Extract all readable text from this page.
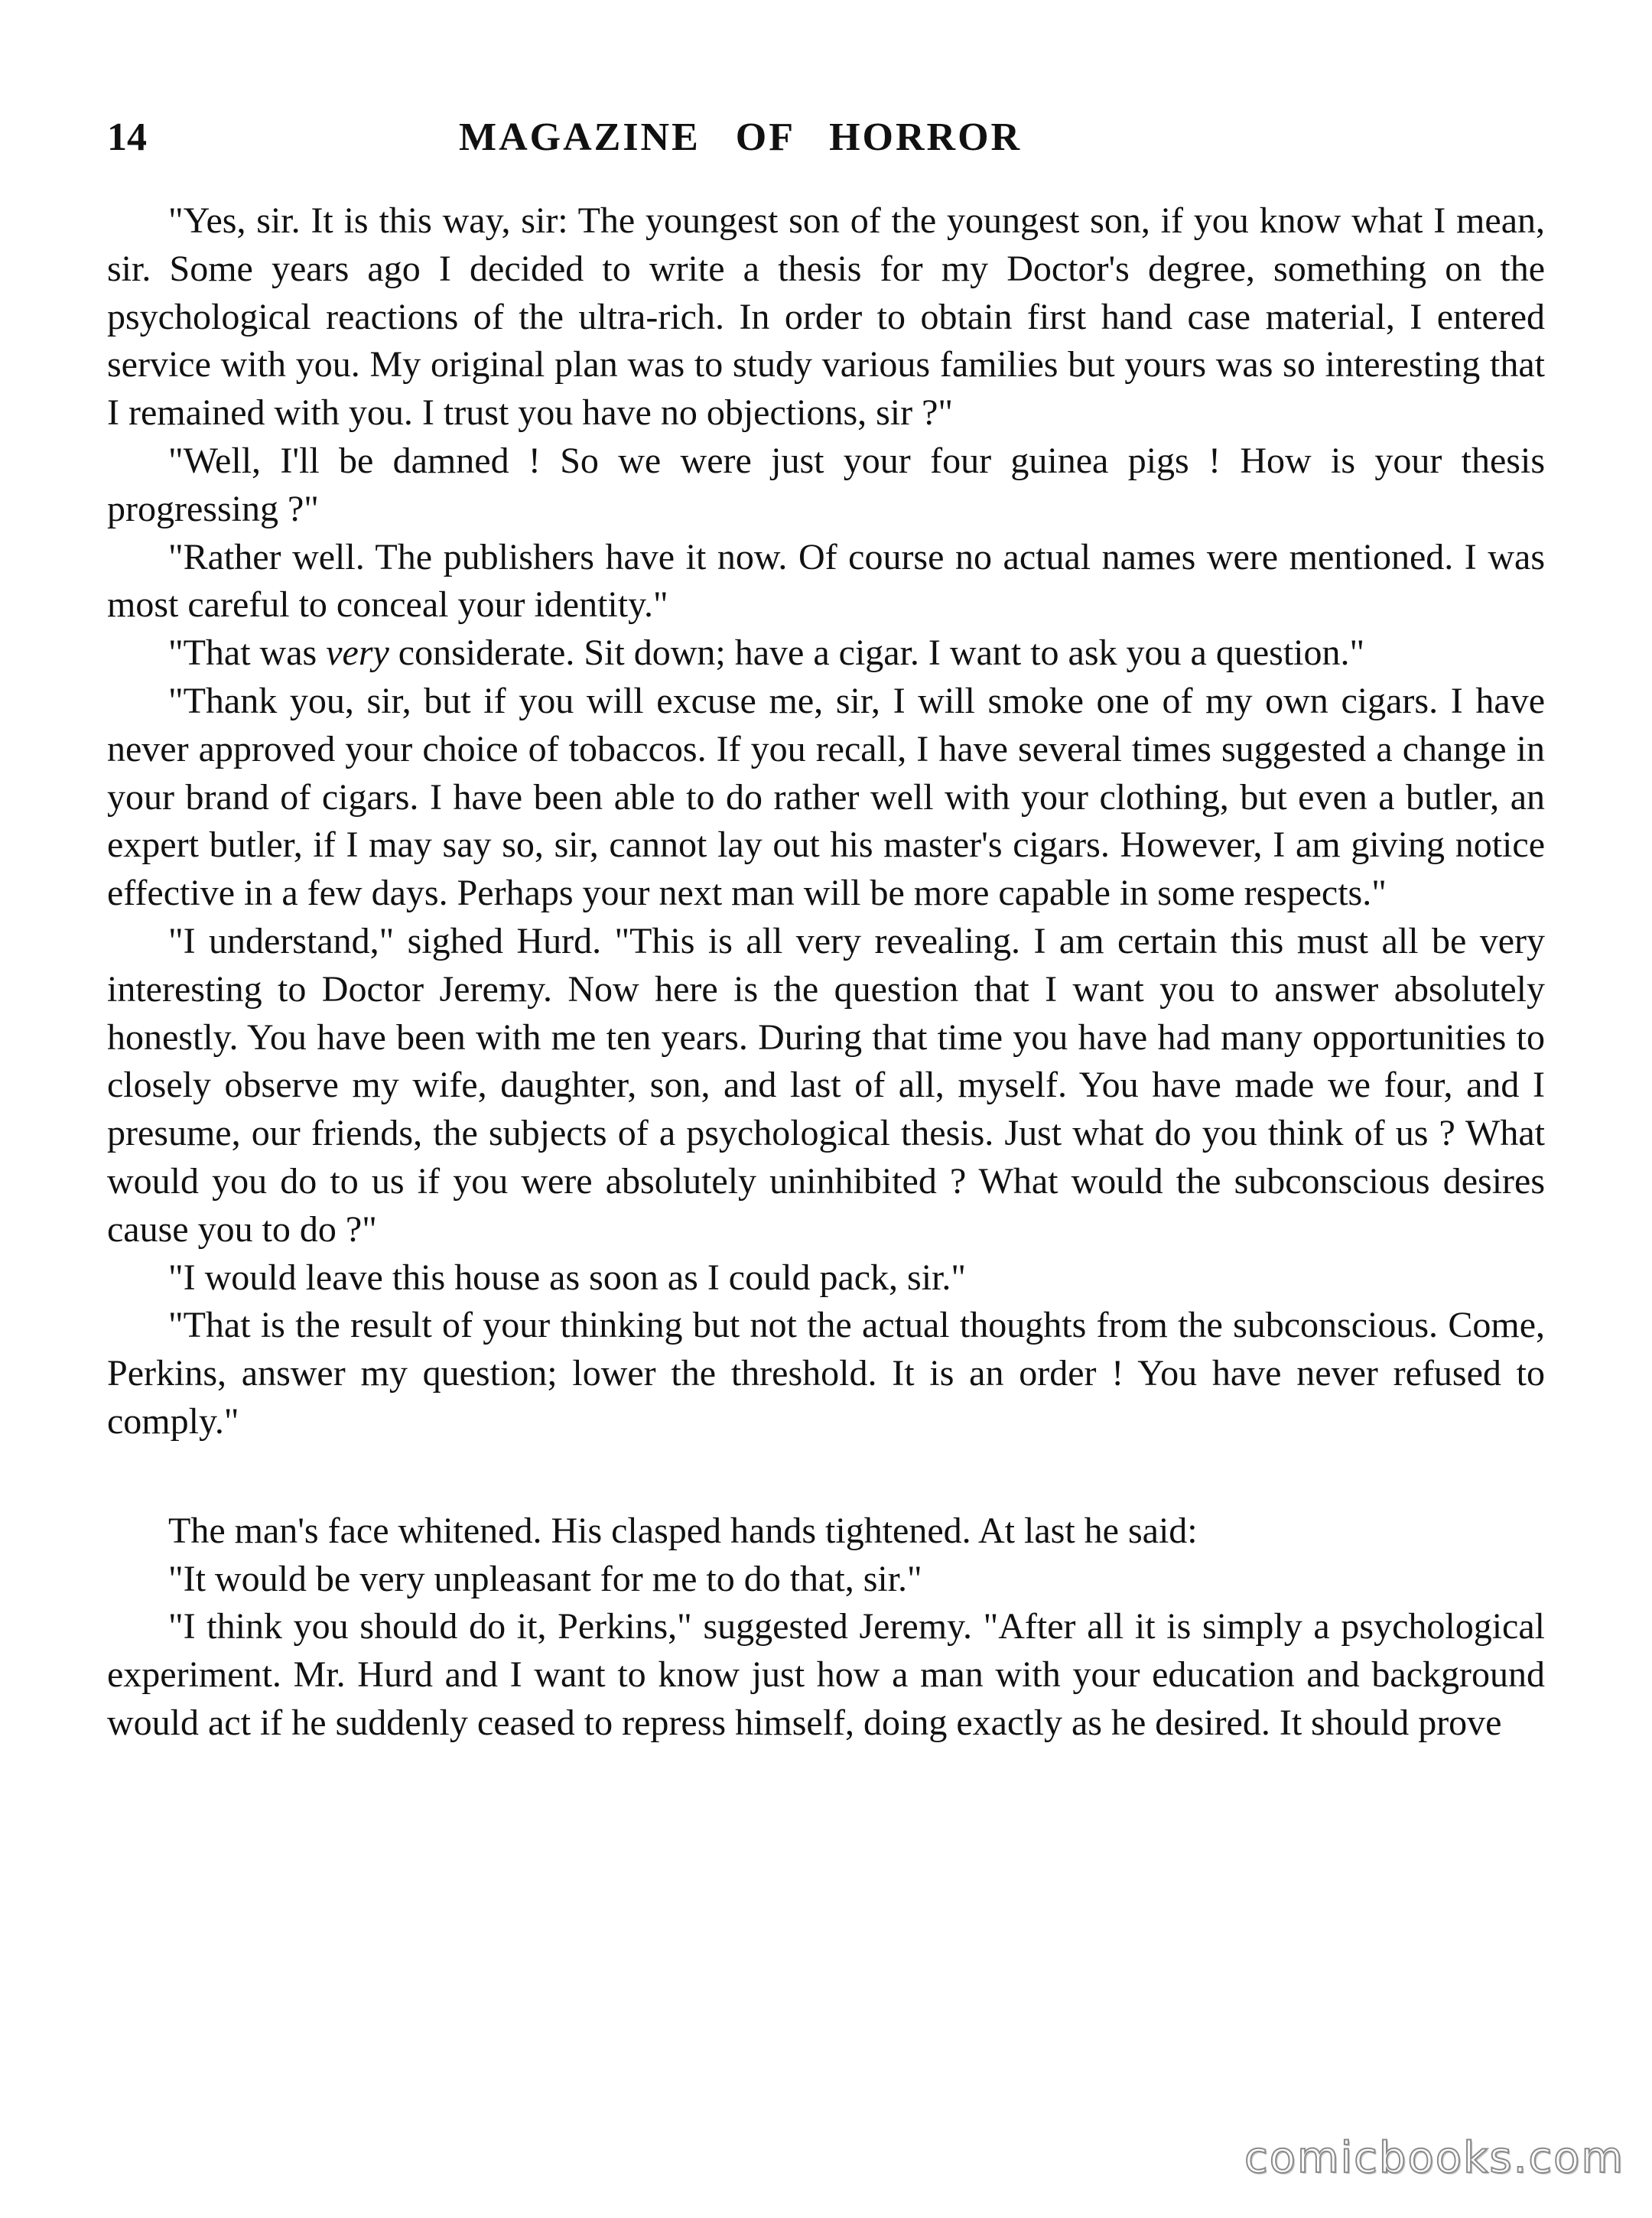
14	MAGAZINE OF HORROR

"Yes, sir. It is this way, sir: The youngest son of the youngest son, if you know what I mean, sir. Some years ago I decided to write a thesis for my Doctor's degree, something on the psychological reactions of the ultra-rich. In order to obtain first hand case material, I entered service with you. My original plan was to study various families but yours was so interesting that I remained with you. I trust you have no objections, sir ?"

"Well, I'll be damned ! So we were just your four guinea pigs ! How is your thesis progressing ?"

"Rather well. The publishers have it now. Of course no actual names were mentioned. I was most careful to conceal your identity."

"That was very considerate. Sit down; have a cigar. I want to ask you a question."

"Thank you, sir, but if you will excuse me, sir, I will smoke one of my own cigars. I have never approved your choice of tobaccos. If you recall, I have several times suggested a change in your brand of cigars. I have been able to do rather well with your clothing, but even a butler, an expert butler, if I may say so, sir, cannot lay out his master's cigars. However, I am giving notice effective in a few days. Perhaps your next man will be more capable in some respects."

"I understand," sighed Hurd. "This is all very revealing. I am certain this must all be very interesting to Doctor Jeremy. Now here is the question that I want you to answer absolutely honestly. You have been with me ten years. During that time you have had many opportunities to closely observe my wife, daughter, son, and last of all, myself. You have made we four, and I presume, our friends, the subjects of a psychological thesis. Just what do you think of us ? What would you do to us if you were absolutely uninhibited ? What would the subconscious desires cause you to do ?"

"I would leave this house as soon as I could pack, sir."

"That is the result of your thinking but not the actual thoughts from the subconscious. Come, Perkins, answer my question; lower the threshold. It is an order ! You have never refused to comply."

The man's face whitened. His clasped hands tightened. At last he said:

"It would be very unpleasant for me to do that, sir."

"I think you should do it, Perkins," suggested Jeremy. "After all it is simply a psychological experiment. Mr. Hurd and I want to know just how a man with your education and background would act if he suddenly ceased to repress himself, doing exactly as he desired. It should prove

comicbooks.com
